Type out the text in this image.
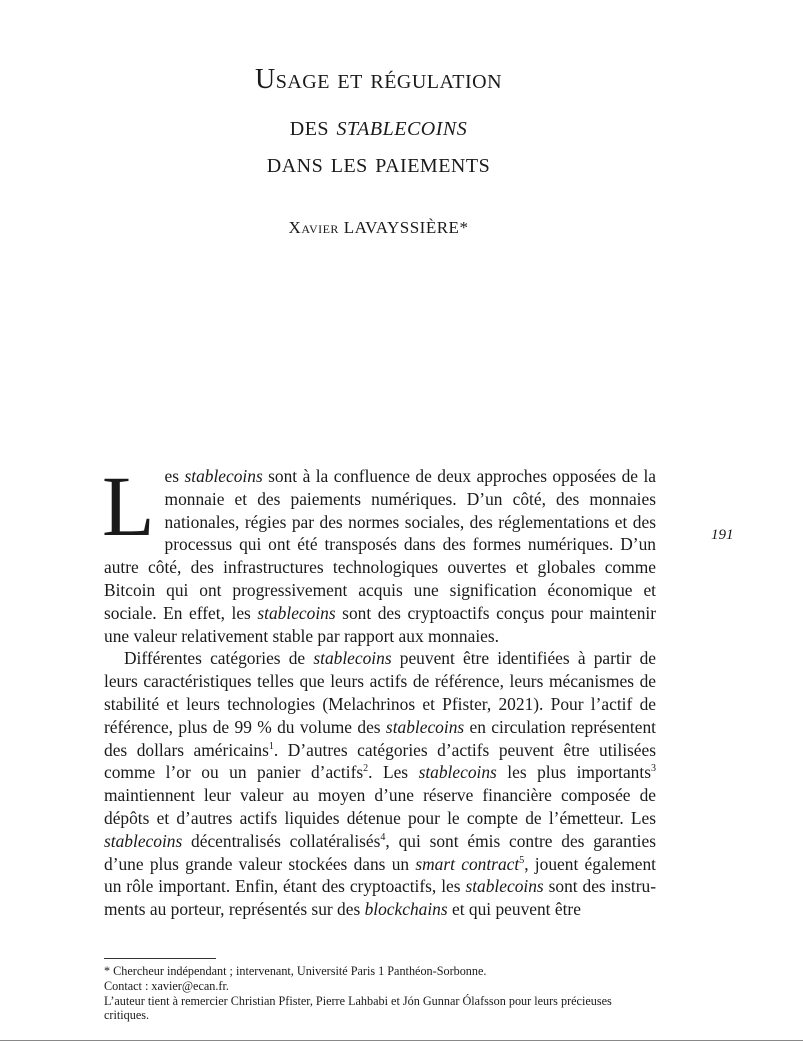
Usage et régulation
des stablecoins
dans les paiements
Xavier LAVAYSSIÈRE*
191

Les stablecoins sont à la confluence de deux approches opposées de la monnaie et des paiements numériques. D’un côté, des monnaies nationales, régies par des normes sociales, des réglementations et des processus qui ont été transposés dans des formes numériques. D’un autre côté, des infrastructures technologiques ouvertes et globales comme Bitcoin qui ont progressivement acquis une signification économique et sociale. En effet, les stablecoins sont des cryptoactifs conçus pour maintenir une valeur relativement stable par rapport aux monnaies.

Différentes catégories de stablecoins peuvent être identifiées à partir de leurs caractéristiques telles que leurs actifs de référence, leurs mécanismes de stabilité et leurs technologies (Melachrinos et Pfister, 2021). Pour l’actif de référence, plus de 99 % du volume des stablecoins en circulation représentent des dollars américains$^1$. D’autres catégories d’actifs peuvent être utilisées comme l’or ou un panier d’actifs$^2$. Les stablecoins les plus importants$^3$ maintiennent leur valeur au moyen d’une réserve financière composée de dépôts et d’autres actifs liquides détenue pour le compte de l’émetteur. Les stablecoins décentralisés collatéralisés$^4$, qui sont émis contre des garanties d’une plus grande valeur stockées dans un smart contract$^5$, jouent également un rôle important. Enfin, étant des cryptoactifs, les stablecoins sont des instruments au porteur, représentés sur des blockchains et qui peuvent être

* Chercheur indépendant ; intervenant, Université Paris 1 Panthéon-Sorbonne.
Contact : xavier@ecan.fr.
L’auteur tient à remercier Christian Pfister, Pierre Lahbabi et Jón Gunnar Ólafsson pour leurs précieuses critiques.
